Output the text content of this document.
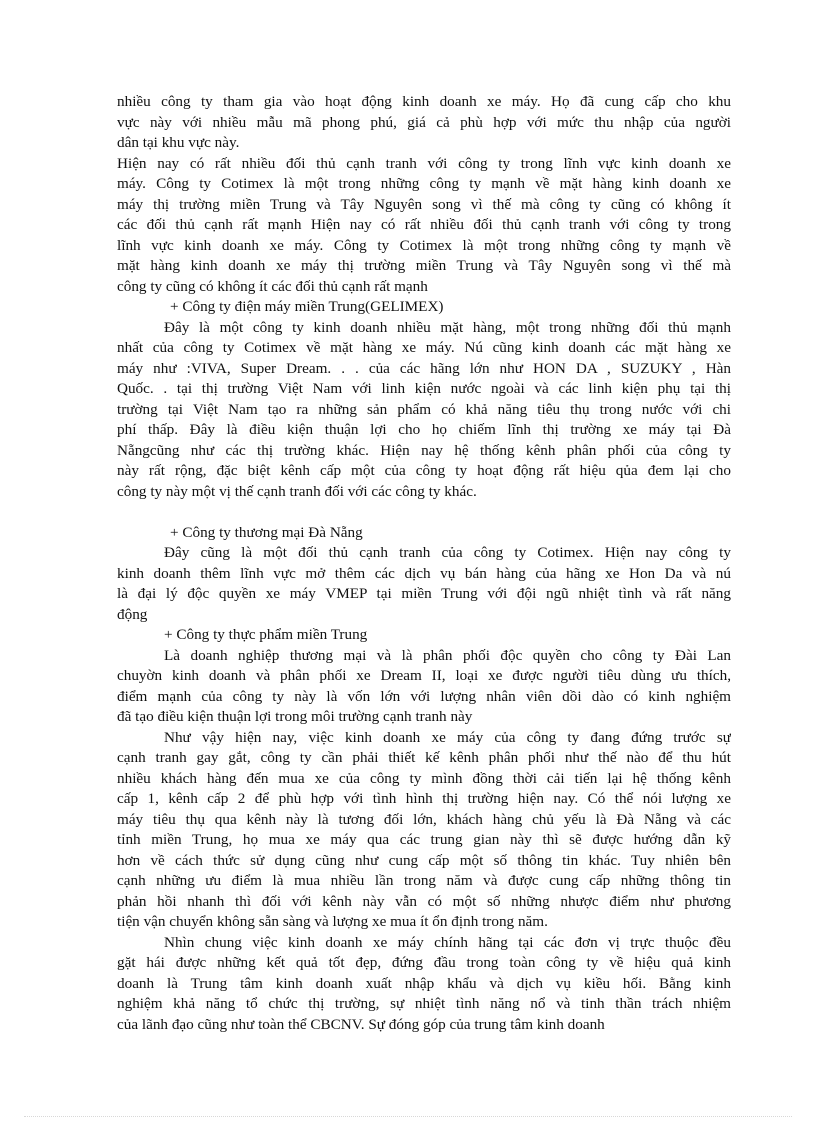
nhiều công ty tham gia vào hoạt động kinh doanh xe máy. Họ đã cung cấp cho khu
vực này với nhiều mẫu mã phong phú, giá cả phù hợp với mức thu nhập của người
dân tại khu vực này.
Hiện nay có rất nhiều đối thủ cạnh tranh với công ty trong lĩnh vực kinh doanh xe
máy. Công ty Cotimex là một trong những công ty mạnh về mặt hàng kinh doanh xe
máy thị trường miền Trung và Tây Nguyên song vì thế mà công ty cũng có không ít
các đối thủ cạnh rất mạnh Hiện nay có rất nhiều đối thủ cạnh tranh với công ty trong
lĩnh vực kinh doanh xe máy. Công ty Cotimex là một trong những công ty mạnh về
mặt hàng kinh doanh xe máy thị trường miền Trung và Tây Nguyên song vì thế mà
công ty cũng có không ít các đối thủ cạnh rất mạnh
+ Công ty điện máy miền Trung(GELIMEX)
Đây là một công ty kinh doanh nhiều mặt hàng, một trong những đối thủ mạnh
nhất của công ty Cotimex về mặt hàng xe máy. Nú cũng kinh doanh các mặt hàng xe
máy như :VIVA, Super Dream. . . của các hãng lớn như HON DA , SUZUKY , Hàn
Quốc. . tại thị trường Việt Nam với linh kiện nước ngoài và các linh kiện phụ tại thị
trường tại Việt Nam tạo ra những sản phẩm có khả năng tiêu thụ trong nước với chi
phí thấp. Đây là điều kiện thuận lợi cho họ chiếm lĩnh thị trường xe máy tại Đà
Nẵngcũng như các thị trường khác. Hiện nay hệ thống kênh phân phối của công ty
này rất rộng, đặc biệt kênh cấp một của công ty hoạt động rất hiệu qủa đem lại cho
công ty này một vị thế cạnh tranh đối với các công ty khác.
+ Công ty thương mại Đà Nẵng
Đây cũng là một đối thủ cạnh tranh của công ty Cotimex. Hiện nay công ty
kinh doanh thêm lĩnh vực mở thêm các dịch vụ bán hàng của hãng xe Hon Da và nú
là đại lý độc quyền xe máy VMEP tại miền Trung với đội ngũ nhiệt tình và rất năng
động
+ Công ty thực phẩm miền Trung
Là doanh nghiệp thương mại và là phân phối độc quyền cho công ty Đài Lan
chuyờn kinh doanh và phân phối xe Dream II, loại xe được người tiêu dùng ưu thích,
điểm mạnh của công ty này là vốn lớn với lượng nhân viên dồi dào có kinh nghiệm
đã tạo điều kiện thuận lợi trong môi trường cạnh tranh này
Như vậy hiện nay, việc kinh doanh xe máy của công ty đang đứng trước sự
cạnh tranh gay gắt, công ty cần phải thiết kế kênh phân phối như thế nào để thu hút
nhiều khách hàng đến mua xe của công ty mình đồng thời cải tiến lại hệ thống kênh
cấp 1, kênh cấp 2 để phù hợp với tình hình thị trường hiện nay. Có thể nói lượng xe
máy tiêu thụ qua kênh này là tương đối lớn, khách hàng chủ yếu là Đà Nẵng và các
tỉnh miền Trung, họ mua xe máy qua các trung gian này thì sẽ được hướng dẫn kỹ
hơn về cách thức sử dụng cũng như cung cấp một số thông tin khác. Tuy nhiên bên
cạnh những ưu điểm là mua nhiều lần trong năm và được cung cấp những thông tin
phản hồi nhanh thì đối với kênh này vẫn có một số những nhược điểm như phương
tiện vận chuyển không sẵn sàng và lượng xe mua ít ổn định trong năm.
Nhìn chung việc kinh doanh xe máy chính hãng tại các đơn vị trực thuộc đều
gặt hái được những kết quả tốt đẹp, đứng đầu trong toàn công ty về hiệu quả kinh
doanh là Trung tâm kinh doanh xuất nhập khẩu và dịch vụ kiều hối. Bằng kinh
nghiệm khả năng tổ chức thị trường, sự nhiệt tình năng nổ và tinh thần trách nhiệm
của lãnh đạo cũng như toàn thể CBCNV. Sự đóng góp của trung tâm kinh doanh
